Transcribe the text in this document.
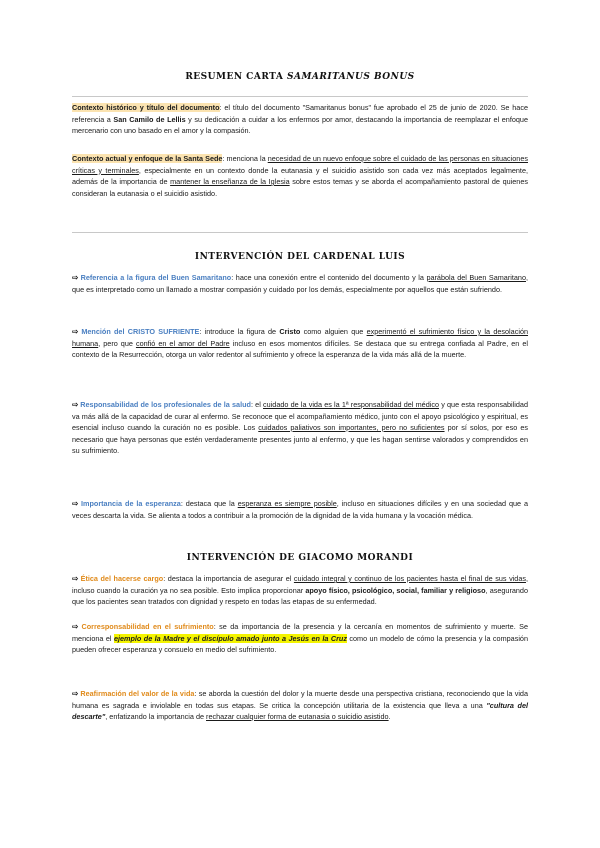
RESUMEN CARTA SAMARITANUS BONUS

Contexto histórico y título del documento: el título del documento "Samaritanus bonus" fue aprobado el 25 de junio de 2020. Se hace referencia a San Camilo de Lellis y su dedicación a cuidar a los enfermos por amor, destacando la importancia de reemplazar el enfoque mercenario con uno basado en el amor y la compasión.

Contexto actual y enfoque de la Santa Sede: menciona la necesidad de un nuevo enfoque sobre el cuidado de las personas en situaciones críticas y terminales, especialmente en un contexto donde la eutanasia y el suicidio asistido son cada vez más aceptados legalmente, además de la importancia de mantener la enseñanza de la Iglesia sobre estos temas y se aborda el acompañamiento pastoral de quienes consideran la eutanasia o el suicidio asistido.

INTERVENCIÓN DEL CARDENAL LUIS

⇨ Referencia a la figura del Buen Samaritano: hace una conexión entre el contenido del documento y la parábola del Buen Samaritano, que es interpretado como un llamado a mostrar compasión y cuidado por los demás, especialmente por aquellos que están sufriendo.

⇨ Mención del CRISTO SUFRIENTE: introduce la figura de Cristo como alguien que experimentó el sufrimiento físico y la desolación humana, pero que confió en el amor del Padre incluso en esos momentos difíciles. Se destaca que su entrega confiada al Padre, en el contexto de la Resurrección, otorga un valor redentor al sufrimiento y ofrece la esperanza de la vida más allá de la muerte.

⇨ Responsabilidad de los profesionales de la salud: el cuidado de la vida es la 1ª responsabilidad del médico y que esta responsabilidad va más allá de la capacidad de curar al enfermo. Se reconoce que el acompañamiento médico, junto con el apoyo psicológico y espiritual, es esencial incluso cuando la curación no es posible. Los cuidados paliativos son importantes, pero no suficientes por sí solos, por eso es necesario que haya personas que estén verdaderamente presentes junto al enfermo, y que les hagan sentirse valorados y comprendidos en su sufrimiento.

⇨ Importancia de la esperanza: destaca que la esperanza es siempre posible, incluso en situaciones difíciles y en una sociedad que a veces descarta la vida. Se alienta a todos a contribuir a la promoción de la dignidad de la vida humana y la vocación médica.

INTERVENCIÓN DE GIACOMO MORANDI

⇨ Ética del hacerse cargo: destaca la importancia de asegurar el cuidado integral y continuo de los pacientes hasta el final de sus vidas, incluso cuando la curación ya no sea posible. Esto implica proporcionar apoyo físico, psicológico, social, familiar y religioso, asegurando que los pacientes sean tratados con dignidad y respeto en todas las etapas de su enfermedad.

⇨ Corresponsabilidad en el sufrimiento: se da importancia de la presencia y la cercanía en momentos de sufrimiento y muerte. Se menciona el ejemplo de la Madre y el discípulo amado junto a Jesús en la Cruz como un modelo de cómo la presencia y la compasión pueden ofrecer esperanza y consuelo en medio del sufrimiento.

⇨ Reafirmación del valor de la vida: se aborda la cuestión del dolor y la muerte desde una perspectiva cristiana, reconociendo que la vida humana es sagrada e inviolable en todas sus etapas. Se critica la concepción utilitaria de la existencia que lleva a una "cultura del descarte", enfatizando la importancia de rechazar cualquier forma de eutanasia o suicidio asistido.
